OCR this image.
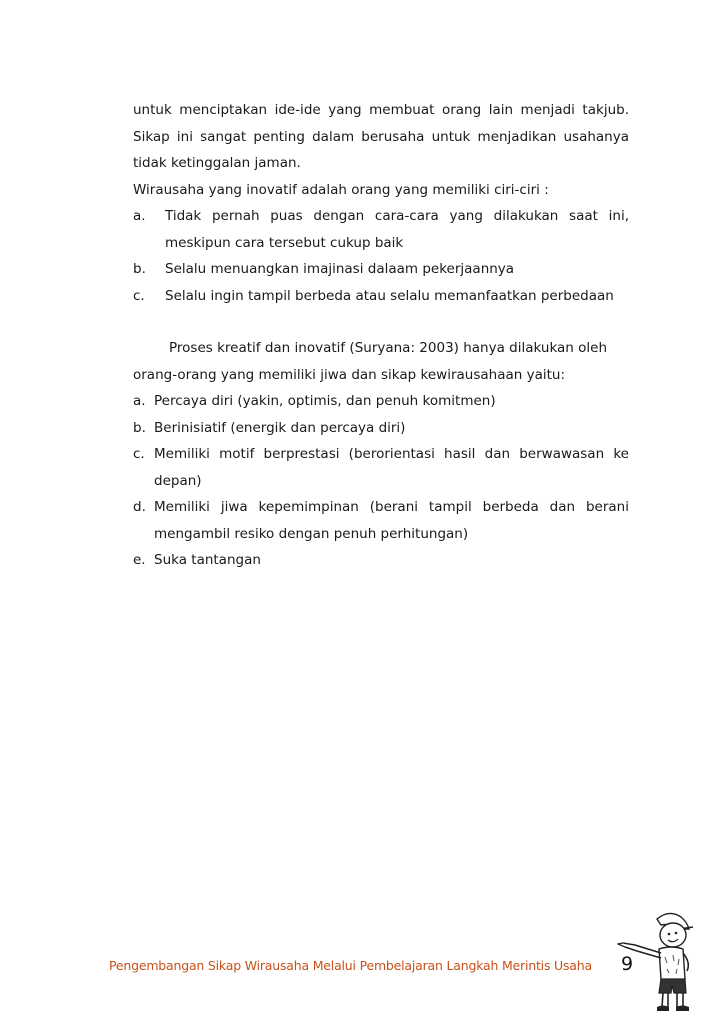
untuk menciptakan ide-ide yang membuat orang lain menjadi takjub.
Sikap ini sangat penting dalam berusaha untuk menjadikan usahanya
tidak ketinggalan jaman.
Wirausaha yang inovatif adalah orang yang memiliki ciri-ciri :
a.	Tidak pernah puas dengan cara-cara yang dilakukan saat ini,
meskipun cara tersebut cukup baik
b.	Selalu menuangkan imajinasi dalaam pekerjaannya
c.	Selalu ingin tampil berbeda atau selalu memanfaatkan perbedaan
Proses kreatif dan inovatif (Suryana: 2003) hanya dilakukan oleh
orang-orang yang memiliki jiwa dan sikap kewirausahaan yaitu:
a. Percaya diri (yakin, optimis, dan penuh komitmen)
b. Berinisiatif (energik dan percaya diri)
c. Memiliki motif berprestasi (berorientasi hasil dan berwawasan ke
depan)
d. Memiliki jiwa kepemimpinan (berani tampil berbeda dan berani
mengambil resiko dengan penuh perhitungan)
e. Suka tantangan
Pengembangan Sikap Wirausaha Melalui Pembelajaran Langkah Merintis Usaha 9
